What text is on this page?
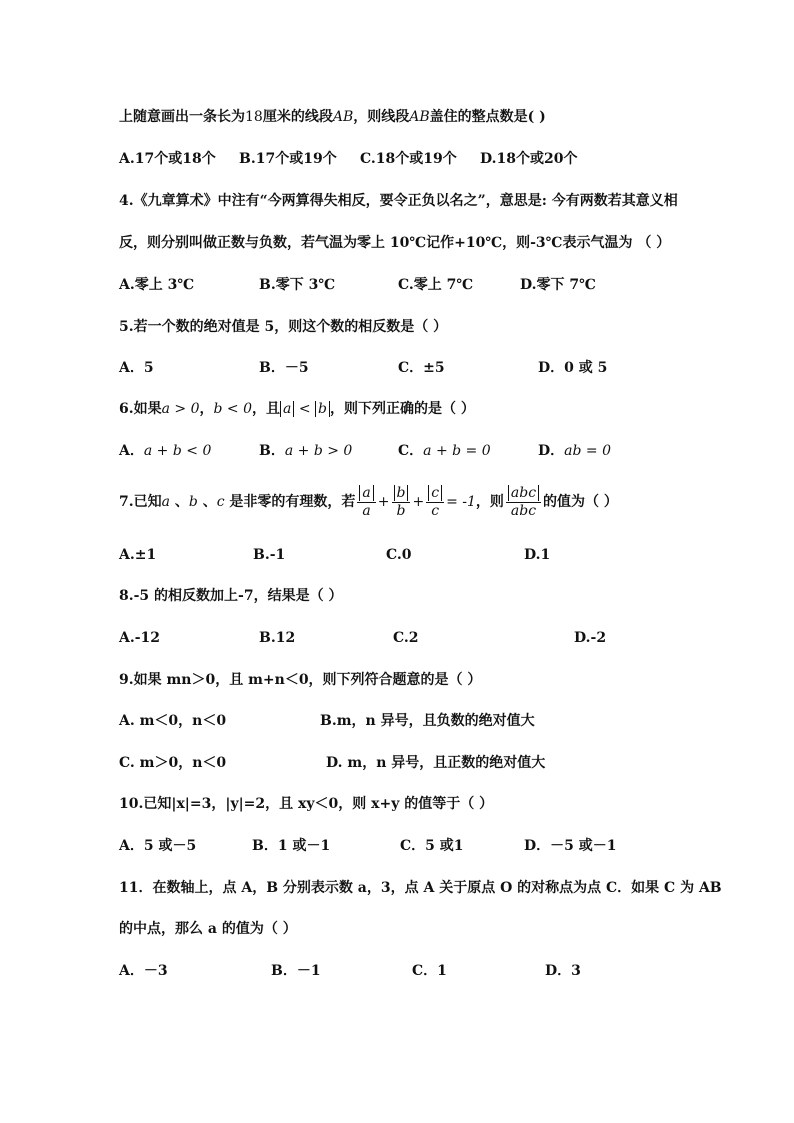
上随意画出一条长为18厘米的线段AB，则线段AB盖住的整点数是( )
A.17个或18个 B.17个或19个 C.18个或19个 D.18个或20个
4.《九章算术》中注有“今两算得失相反，要令正负以名之”，意思是: 今有两数若其意义相
反，则分别叫做正数与负数，若气温为零上 10℃记作+10℃，则-3℃表示气温为 （ ）
A.零上 3℃	B.零下 3℃	C.零上 7℃	D.零下 7℃
5.若一个数的绝对值是 5，则这个数的相反数是（ ）
A．5	B．－5	C．±5	D．0 或 5
6.如果a > 0，b < 0，且 a < b ，则下列正确的是（ ）
A．a + b < 0	B．a + b > 0	C．a + b = 0	D．ab = 0
7.已知a 、b 、c 是非零的有理数，若 $\frac{a}{a} + \frac{b}{b} + \frac{c}{c} = -1$，则 $\frac{\text{abc}}{\text{abc}}$ 的值为（ ）
A.±1	B.-1	C.0	D.1
8.-5 的相反数加上-7，结果是（ ）
A.-12	B.12	C.2	D.-2
9.如果 mn＞0，且 m+n＜0，则下列符合题意的是（ ）
A. m＜0，n＜0	B.m，n 异号，且负数的绝对值大
C. m＞0，n＜0	D. m，n 异号，且正数的绝对值大
10.已知|x|=3，|y|=2，且 xy＜0，则 x+y 的值等于（ ）
A．5 或－5	B．1 或－1	C．5 或1	D．－5 或－1
11．在数轴上，点 A，B 分别表示数 a，3，点 A 关于原点 O 的对称点为点 C．如果 C 为 AB
的中点，那么 a 的值为（ ）
A．－3	B．－1	C．1	D．3
